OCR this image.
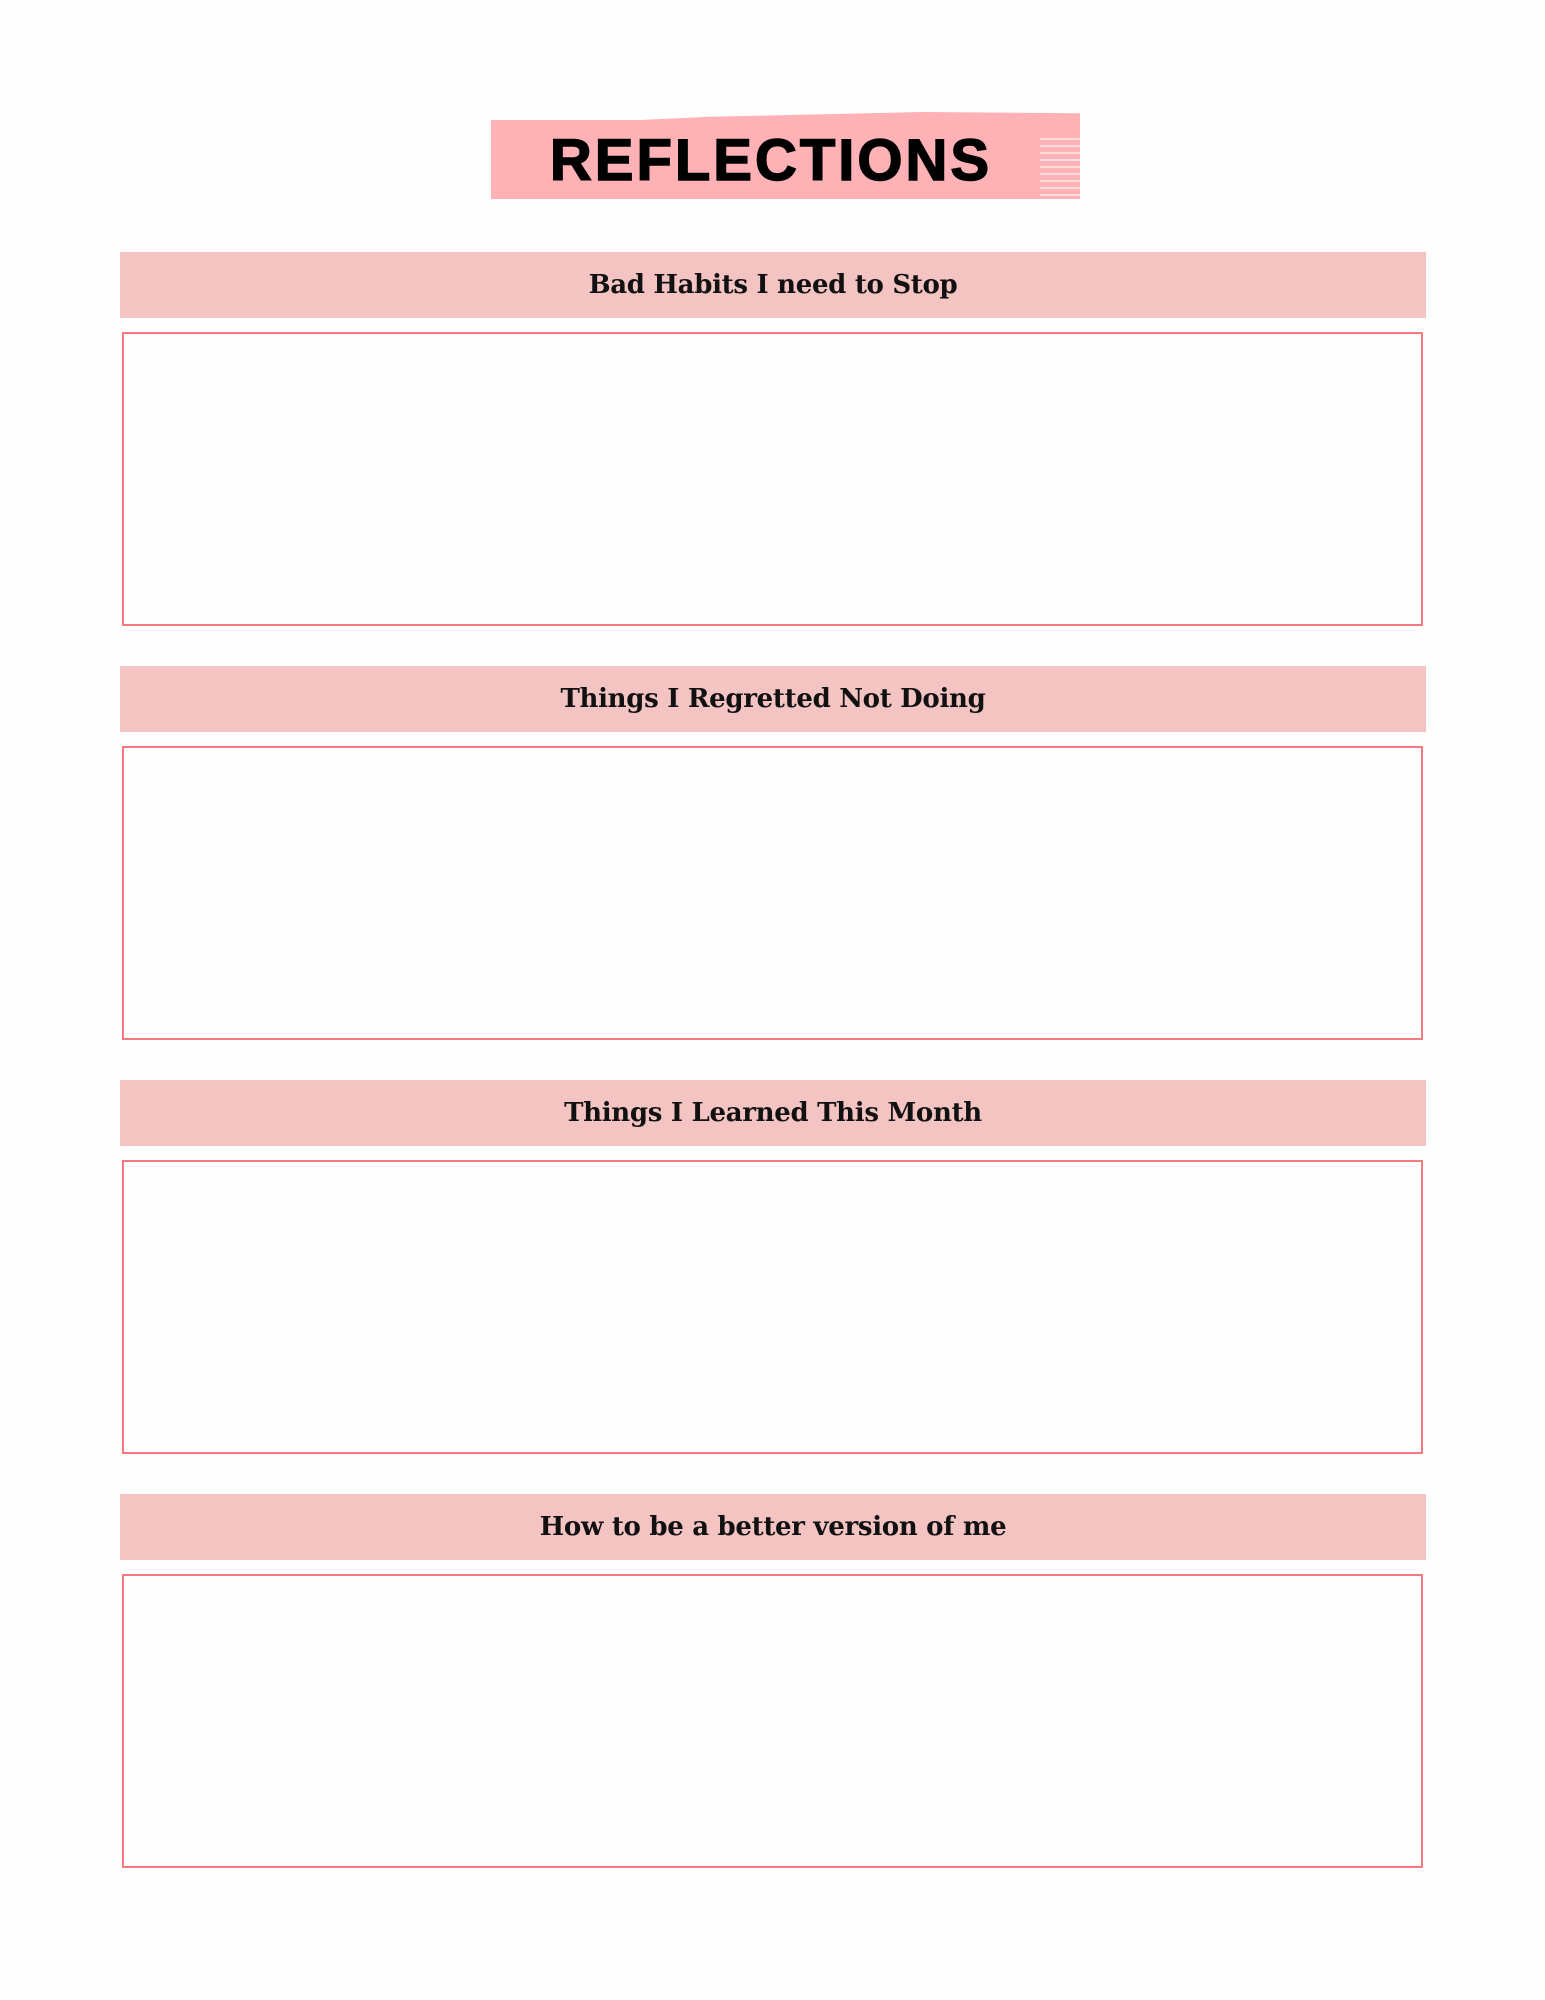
REFLECTIONS
Bad Habits I need to Stop
Things I Regretted Not Doing
Things I Learned This Month
How to be a better version of me
